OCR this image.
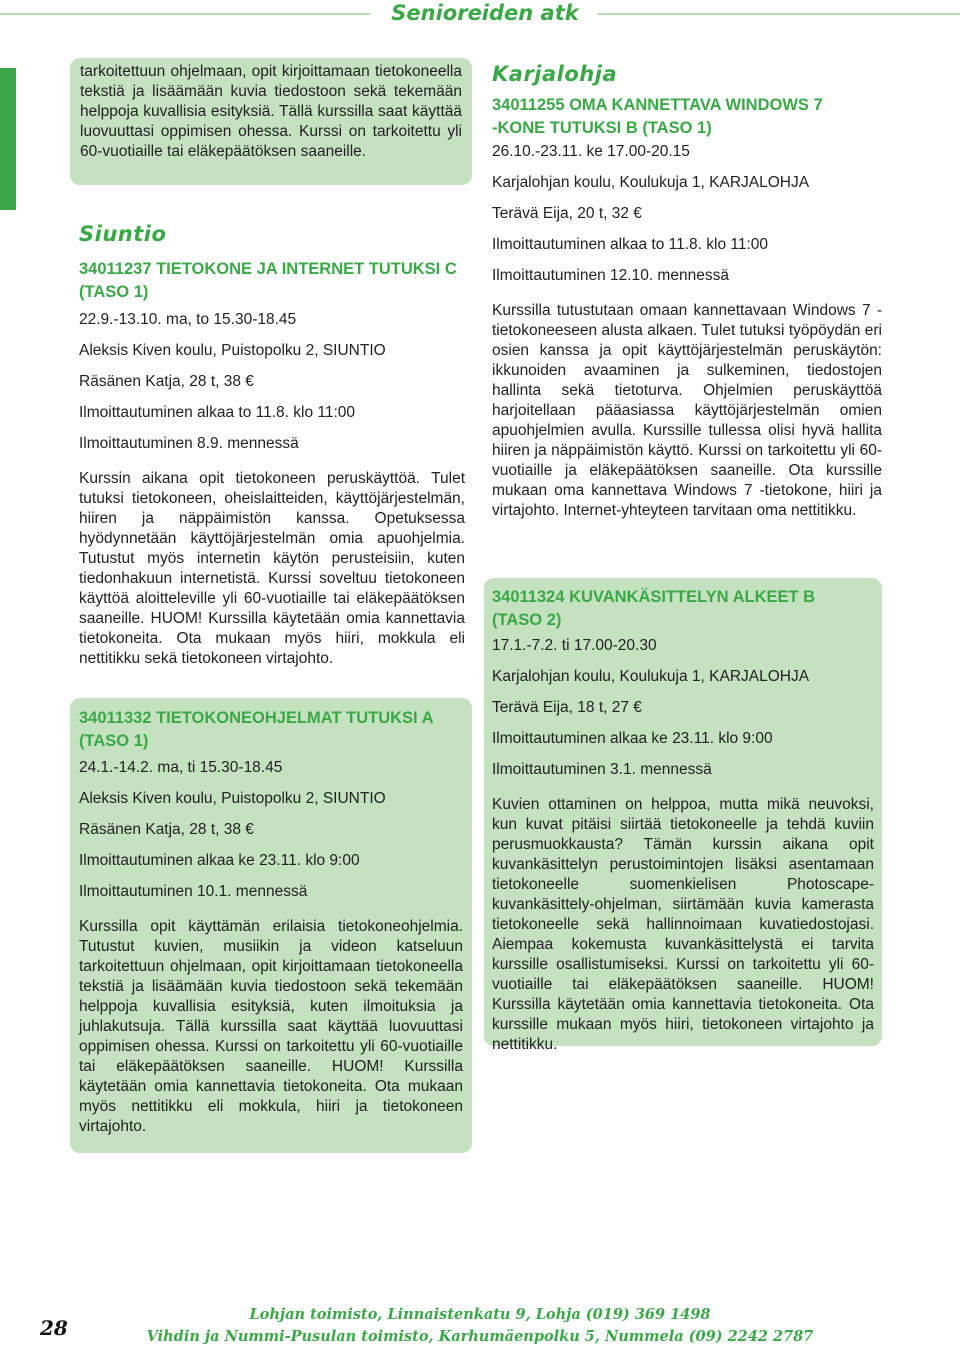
Senioreiden atk

tarkoitettuun ohjelmaan, opit kirjoittamaan tietokoneella tekstiä ja lisäämään kuvia tiedostoon sekä tekemään helppoja kuvallisia esityksiä. Tällä kurssilla saat käyttää luovuuttasi oppimisen ohessa. Kurssi on tarkoitettu yli 60-vuotiaille tai eläkepäätöksen saaneille.

Siuntio

34011237 TIETOKONE JA INTERNET TUTUKSI C

(TASO 1)

22.9.-13.10. ma, to 15.30-18.45

Aleksis Kiven koulu, Puistopolku 2, SIUNTIO

Räsänen Katja, 28 t, 38 €

Ilmoittautuminen alkaa to 11.8. klo 11:00

Ilmoittautuminen 8.9. mennessä

Kurssin aikana opit tietokoneen peruskäyttöä. Tulet tutuksi tietokoneen, oheislaitteiden, käyttöjärjestelmän, hiiren ja näppäimistön kanssa. Opetuksessa hyödynnetään käyttöjärjestelmän omia apuohjelmia. Tutustut myös internetin käytön perusteisiin, kuten tiedonhakuun internetistä. Kurssi soveltuu tietokoneen käyttöä aloitteleville yli 60-vuotiaille tai eläkepäätöksen saaneille. HUOM! Kurssilla käytetään omia kannettavia tietokoneita. Ota mukaan myös hiiri, mokkula eli nettitikku sekä tietokoneen virtajohto.

34011332 TIETOKONEOHJELMAT TUTUKSI A

(TASO 1)

24.1.-14.2. ma, ti 15.30-18.45

Aleksis Kiven koulu, Puistopolku 2, SIUNTIO

Räsänen Katja, 28 t, 38 €

Ilmoittautuminen alkaa ke 23.11. klo 9:00

Ilmoittautuminen 10.1. mennessä

Kurssilla opit käyttämän erilaisia tietokoneohjelmia. Tutustut kuvien, musiikin ja videon katseluun tarkoitettuun ohjelmaan, opit kirjoittamaan tietokoneella tekstiä ja lisäämään kuvia tiedostoon sekä tekemään helppoja kuvallisia esityksiä, kuten ilmoituksia ja juhlakutsuja. Tällä kurssilla saat käyttää luovuuttasi oppimisen ohessa. Kurssi on tarkoitettu yli 60-vuotiaille tai eläkepäätöksen saaneille. HUOM! Kurssilla käytetään omia kannettavia tietokoneita. Ota mukaan myös nettitikku eli mokkula, hiiri ja tietokoneen virtajohto.

Karjalohja

34011255 OMA KANNETTAVA WINDOWS 7

-KONE TUTUKSI B (TASO 1)

26.10.-23.11. ke 17.00-20.15

Karjalohjan koulu, Koulukuja 1, KARJALOHJA

Terävä Eija, 20 t, 32 €

Ilmoittautuminen alkaa to 11.8. klo 11:00

Ilmoittautuminen 12.10. mennessä

Kurssilla tutustutaan omaan kannettavaan Windows 7 -tietokoneeseen alusta alkaen. Tulet tutuksi työpöydän eri osien kanssa ja opit käyttöjärjestelmän peruskäytön: ikkunoiden avaaminen ja sulkeminen, tiedostojen hallinta sekä tietoturva. Ohjelmien peruskäyttöä harjoitellaan pääasiassa käyttöjärjestelmän omien apuohjelmien avulla. Kurssille tullessa olisi hyvä hallita hiiren ja näppäimistön käyttö. Kurssi on tarkoitettu yli 60-vuotiaille ja eläkepäätöksen saaneille. Ota kurssille mukaan oma kannettava Windows 7 -tietokone, hiiri ja virtajohto. Internet-yhteyteen tarvitaan oma nettitikku.

34011324 KUVANKÄSITTELYN ALKEET B

(TASO 2)

17.1.-7.2. ti 17.00-20.30

Karjalohjan koulu, Koulukuja 1, KARJALOHJA

Terävä Eija, 18 t, 27 €

Ilmoittautuminen alkaa ke 23.11. klo 9:00

Ilmoittautuminen 3.1. mennessä

Kuvien ottaminen on helppoa, mutta mikä neuvoksi, kun kuvat pitäisi siirtää tietokoneelle ja tehdä kuviin perusmuokkausta? Tämän kurssin aikana opit kuvankäsittelyn perustoimintojen lisäksi asentamaan tietokoneelle suomenkielisen Photoscape-kuvankäsittely-ohjelman, siirtämään kuvia kamerasta tietokoneelle sekä hallinnoimaan kuvatiedostojasi. Aiempaa kokemusta kuvankäsittelystä ei tarvita kurssille osallistumiseksi. Kurssi on tarkoitettu yli 60-vuotiaille tai eläkepäätöksen saaneille. HUOM! Kurssilla käytetään omia kannettavia tietokoneita. Ota kurssille mukaan myös hiiri, tietokoneen virtajohto ja nettitikku.

28
Lohjan toimisto, Linnaistenkatu 9, Lohja (019) 369 1498
Vihdin ja Nummi-Pusulan toimisto, Karhumäenpolku 5, Nummela (09) 2242 2787
